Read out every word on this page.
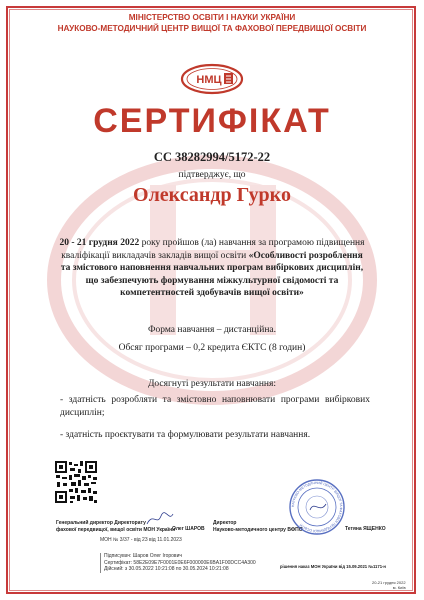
МІНІСТЕРСТВО ОСВІТИ І НАУКИ УКРАЇНИ
НАУКОВО-МЕТОДИЧНИЙ ЦЕНТР ВИЩОЇ ТА ФАХОВОЇ ПЕРЕДВИЩОЇ ОСВІТИ
НМЦ
СЕРТИФІКАТ
СС 38282994/5172-22
підтверджує, що
Олександр Гурко
20 - 21 грудня 2022 року пройшов (ла) навчання за програмою підвищення кваліфікації викладачів закладів вищої освіти «Особливості розроблення та змістового наповнення навчальних програм вибіркових дисциплін, що забезпечують формування міжкультурної свідомості та компетентностей здобувачів вищої освіти»
Форма навчання – дистанційна.
Обсяг програми – 0,2 кредита ЄКТС (8 годин)
Досягнуті результати навчання:
- здатність розробляти та змістовно наповнювати програми вибіркових дисциплін;
- здатність проєктувати та формулювати результати навчання.
Генеральний директор Директорату
фахової передвищої, вищої освіти МОН України
Олег ШАРОВ
Директор
Науково-методичного центру ВФПО
НАУКОВО-МЕТОДИЧНИЙ ЦЕНТР ВИЩОЇ ТА ФАХОВОЇ ПЕРЕДВИЩОЇ ОСВІТИ
Тетяна ЯЩЕНКО
МОН № 3/37 - від 23 від 11.01.2023
Підписувач: Шаров Олег Ігорович
Сертифікат: 58E2E09E7F0001E0E6F000000E6BA1F00DCC4A300
Дійсний: з 30.05.2022 10:21:08 по 30.05.2024 10:21:08	рішення наказ МОН України від 15.09.2021 №1171-н
20-21 грудня 2022
м. Київ
